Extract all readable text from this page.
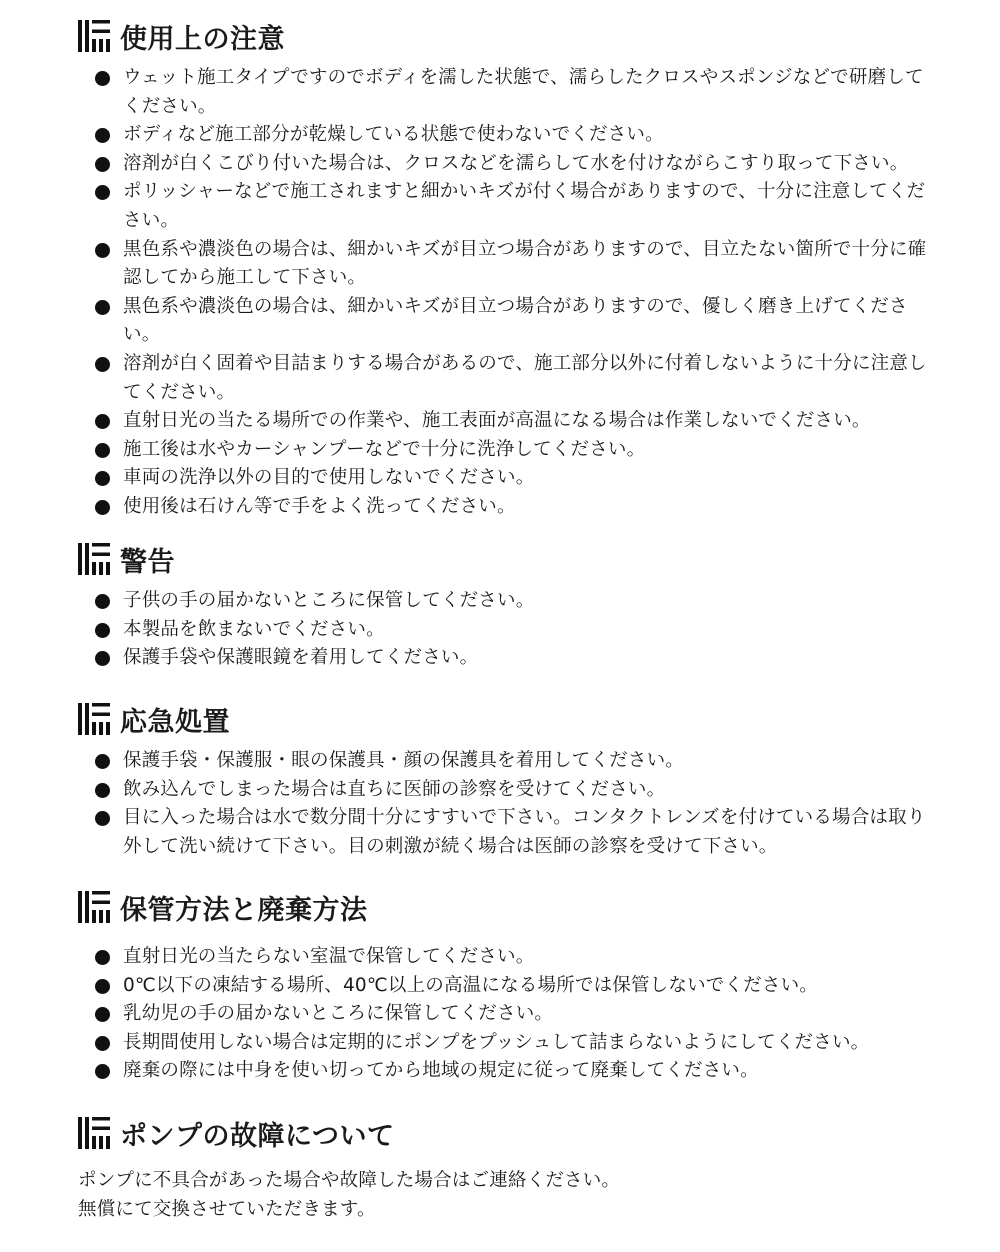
使用上の注意
ウェット施工タイプですのでボディを濡した状態で、濡らしたクロスやスポンジなどで研磨してください。
ボディなど施工部分が乾燥している状態で使わないでください。
溶剤が白くこびり付いた場合は、クロスなどを濡らして水を付けながらこすり取って下さい。
ポリッシャーなどで施工されますと細かいキズが付く場合がありますので、十分に注意してください。
黒色系や濃淡色の場合は、細かいキズが目立つ場合がありますので、目立たない箇所で十分に確認してから施工して下さい。
黒色系や濃淡色の場合は、細かいキズが目立つ場合がありますので、優しく磨き上げてください。
溶剤が白く固着や目詰まりする場合があるので、施工部分以外に付着しないように十分に注意してください。
直射日光の当たる場所での作業や、施工表面が高温になる場合は作業しないでください。
施工後は水やカーシャンプーなどで十分に洗浄してください。
車両の洗浄以外の目的で使用しないでください。
使用後は石けん等で手をよく洗ってください。
警告
子供の手の届かないところに保管してください。
本製品を飲まないでください。
保護手袋や保護眼鏡を着用してください。
応急処置
保護手袋・保護服・眼の保護具・顔の保護具を着用してください。
飲み込んでしまった場合は直ちに医師の診察を受けてください。
目に入った場合は水で数分間十分にすすいで下さい。コンタクトレンズを付けている場合は取り外して洗い続けて下さい。目の刺激が続く場合は医師の診察を受けて下さい。
保管方法と廃棄方法
直射日光の当たらない室温で保管してください。
0℃以下の凍結する場所、40℃以上の高温になる場所では保管しないでください。
乳幼児の手の届かないところに保管してください。
長期間使用しない場合は定期的にポンプをプッシュして詰まらないようにしてください。
廃棄の際には中身を使い切ってから地域の規定に従って廃棄してください。
ポンプの故障について

ポンプに不具合があった場合や故障した場合はご連絡ください。

無償にて交換させていただきます。
